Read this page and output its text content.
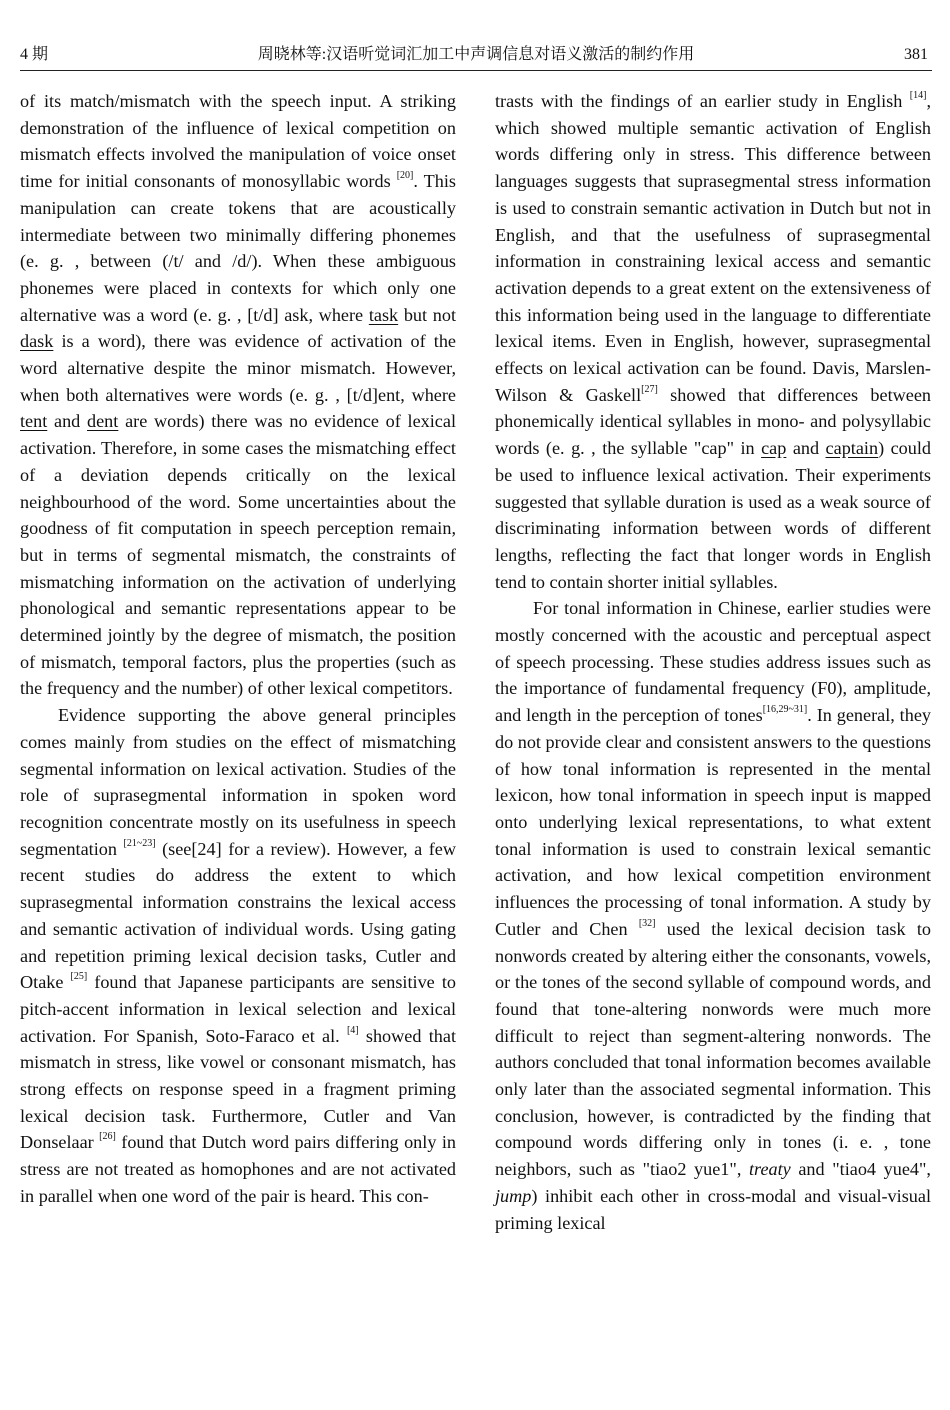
4 期	周晓林等:汉语听觉词汇加工中声调信息对语义激活的制约作用	381

of its match/mismatch with the speech input. A striking demonstration of the influence of lexical competition on mismatch effects involved the manipulation of voice onset time for initial consonants of monosyllabic words [20]. This manipulation can create tokens that are acoustically intermediate between two minimally differing phonemes (e. g. , between (/t/ and /d/). When these ambiguous phonemes were placed in contexts for which only one alternative was a word (e. g. , [t/d] ask, where task but not dask is a word), there was evidence of activation of the word alternative despite the minor mismatch. However, when both alternatives were words (e. g. , [t/d]ent, where tent and dent are words) there was no evidence of lexical activation. Therefore, in some cases the mismatching effect of a deviation depends critically on the lexical neighbourhood of the word. Some uncertainties about the goodness of fit computation in speech perception remain, but in terms of segmental mismatch, the constraints of mismatching information on the activation of underlying phonological and semantic representations appear to be determined jointly by the degree of mismatch, the position of mismatch, temporal factors, plus the properties (such as the frequency and the number) of other lexical competitors.

Evidence supporting the above general principles comes mainly from studies on the effect of mismatching segmental information on lexical activation. Studies of the role of suprasegmental information in spoken word recognition concentrate mostly on its usefulness in speech segmentation [21~23] (see[24] for a review). However, a few recent studies do address the extent to which suprasegmental information constrains the lexical access and semantic activation of individual words. Using gating and repetition priming lexical decision tasks, Cutler and Otake [25] found that Japanese participants are sensitive to pitch-accent information in lexical selection and lexical activation. For Spanish, Soto-Faraco et al. [4] showed that mismatch in stress, like vowel or consonant mismatch, has strong effects on response speed in a fragment priming lexical decision task. Furthermore, Cutler and Van Donselaar [26] found that Dutch word pairs differing only in stress are not treated as homophones and are not activated in parallel when one word of the pair is heard. This con-

trasts with the findings of an earlier study in English [14], which showed multiple semantic activation of English words differing only in stress. This difference between languages suggests that suprasegmental stress information is used to constrain semantic activation in Dutch but not in English, and that the usefulness of suprasegmental information in constraining lexical access and semantic activation depends to a great extent on the extensiveness of this information being used in the language to differentiate lexical items. Even in English, however, suprasegmental effects on lexical activation can be found. Davis, Marslen-Wilson & Gaskell[27] showed that differences between phonemically identical syllables in mono- and polysyllabic words (e. g. , the syllable "cap" in cap and captain) could be used to influence lexical activation. Their experiments suggested that syllable duration is used as a weak source of discriminating information between words of different lengths, reflecting the fact that longer words in English tend to contain shorter initial syllables.

For tonal information in Chinese, earlier studies were mostly concerned with the acoustic and perceptual aspect of speech processing. These studies address issues such as the importance of fundamental frequency (F0), amplitude, and length in the perception of tones[16,29~31]. In general, they do not provide clear and consistent answers to the questions of how tonal information is represented in the mental lexicon, how tonal information in speech input is mapped onto underlying lexical representations, to what extent tonal information is used to constrain lexical semantic activation, and how lexical competition environment influences the processing of tonal information. A study by Cutler and Chen [32] used the lexical decision task to nonwords created by altering either the consonants, vowels, or the tones of the second syllable of compound words, and found that tone-altering nonwords were much more difficult to reject than segment-altering nonwords. The authors concluded that tonal information becomes available only later than the associated segmental information. This conclusion, however, is contradicted by the finding that compound words differing only in tones (i. e. , tone neighbors, such as "tiao2 yue1", treaty and "tiao4 yue4", jump) inhibit each other in cross-modal and visual-visual priming lexical
